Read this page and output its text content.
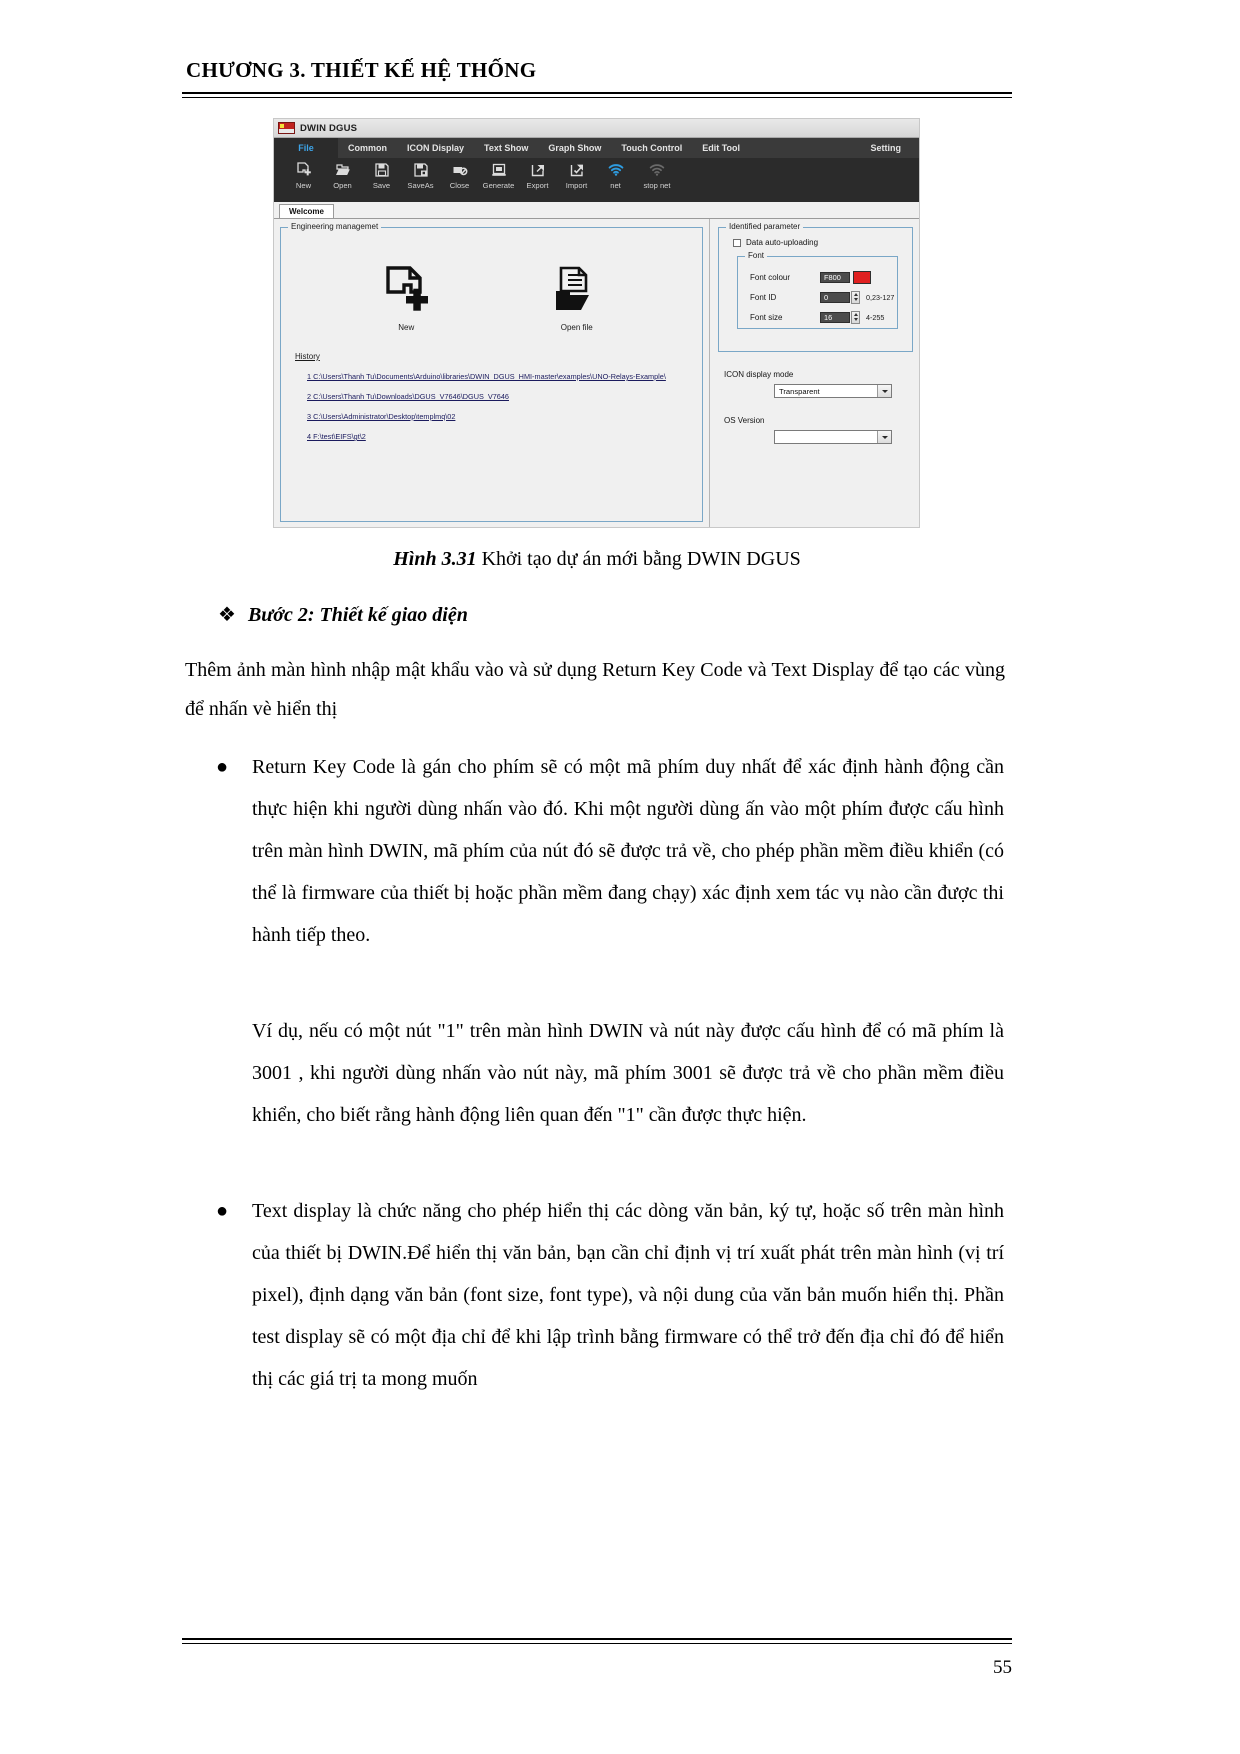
CHƯƠNG 3. THIẾT KẾ HỆ THỐNG
DWIN DGUS
File	Common ICON Display Text Show Graph Show Touch Control Edit Tool	Setting
New	Open	Save SaveAs Close Generate Export Import	net	stop net
Welcome
Engineering managemet
New	Open file
History
1 C:\Users\Thanh Tu\Documents\Arduino\libraries\DWIN_DGUS_HMI-master\examples\UNO-Relays-Example\
2 C:\Users\Thanh Tu\Downloads\DGUS_V7646\DGUS_V7646
3 C:\Users\Administrator\Desktop\templmq\02
4 F:\test\EIFS\gt\2
Identified parameter
Data auto-uploading
Font
Font colour	F800
Font ID	0	0,23-127
Font size	16	4-255
ICON display mode
Transparent
OS Version
Hình 3.31 Khởi tạo dự án mới bằng DWIN DGUS
❖ Bước 2: Thiết kế giao diện
Thêm ảnh màn hình nhập mật khẩu vào và sử dụng Return Key Code và Text Display để tạo các vùng để nhấn vè hiển thị
● Return Key Code là gán cho phím sẽ có một mã phím duy nhất để xác định hành động cần thực hiện khi người dùng nhấn vào đó. Khi một người dùng ấn vào một phím được cấu hình trên màn hình DWIN, mã phím của nút đó sẽ được trả về, cho phép phần mềm điều khiển (có thể là firmware của thiết bị hoặc phần mềm đang chạy) xác định xem tác vụ nào cần được thi hành tiếp theo.
Ví dụ, nếu có một nút "1" trên màn hình DWIN và nút này được cấu hình để có mã phím là 3001 , khi người dùng nhấn vào nút này, mã phím 3001 sẽ được trả về cho phần mềm điều khiển, cho biết rằng hành động liên quan đến "1" cần được thực hiện.
● Text display là chức năng cho phép hiển thị các dòng văn bản, ký tự, hoặc số trên màn hình của thiết bị DWIN.Để hiển thị văn bản, bạn cần chỉ định vị trí xuất phát trên màn hình (vị trí pixel), định dạng văn bản (font size, font type), và nội dung của văn bản muốn hiển thị. Phần test display sẽ có một địa chỉ để khi lập trình bằng firmware có thể trở đến địa chỉ đó để hiển thị các giá trị ta mong muốn
55
